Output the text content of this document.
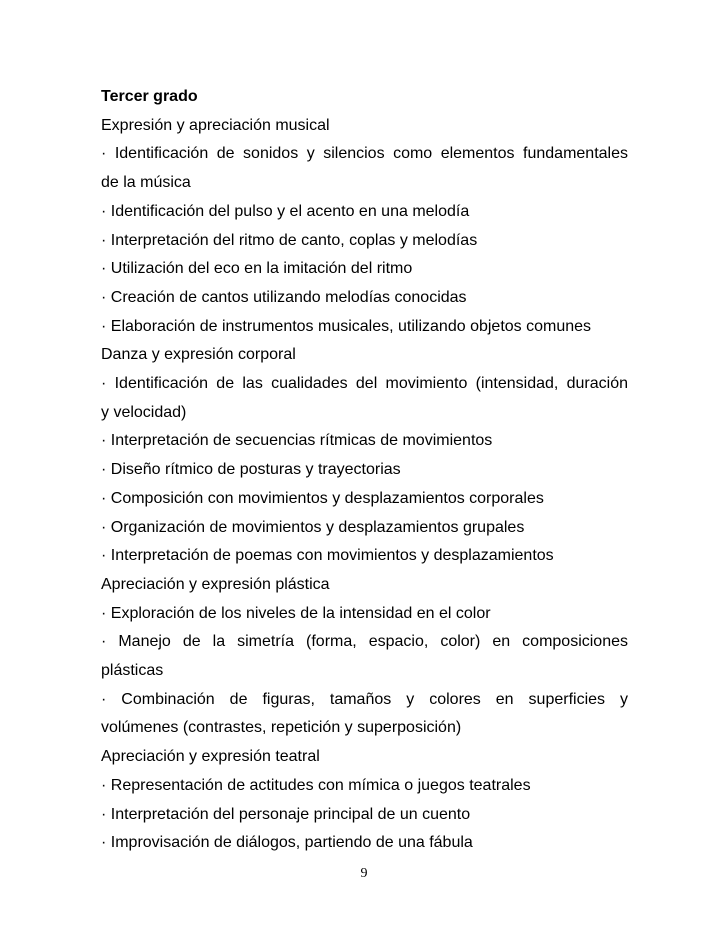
Tercer grado
Expresión y apreciación musical
· Identificación de sonidos y silencios como elementos fundamentales
de la música
· Identificación del pulso y el acento en una melodía
· Interpretación del ritmo de canto, coplas y melodías
· Utilización del eco en la imitación del ritmo
· Creación de cantos utilizando melodías conocidas
· Elaboración de instrumentos musicales, utilizando objetos comunes
Danza y expresión corporal
· Identificación de las cualidades del movimiento (intensidad, duración
y velocidad)
· Interpretación de secuencias rítmicas de movimientos
· Diseño rítmico de posturas y trayectorias
· Composición con movimientos y desplazamientos corporales
· Organización de movimientos y desplazamientos grupales
· Interpretación de poemas con movimientos y desplazamientos
Apreciación y expresión plástica
· Exploración de los niveles de la intensidad en el color
· Manejo de la simetría (forma, espacio, color) en composiciones
plásticas
· Combinación de figuras, tamaños y colores en superficies y
volúmenes (contrastes, repetición y superposición)
Apreciación y expresión teatral
· Representación de actitudes con mímica o juegos teatrales
· Interpretación del personaje principal de un cuento
· Improvisación de diálogos, partiendo de una fábula
9
